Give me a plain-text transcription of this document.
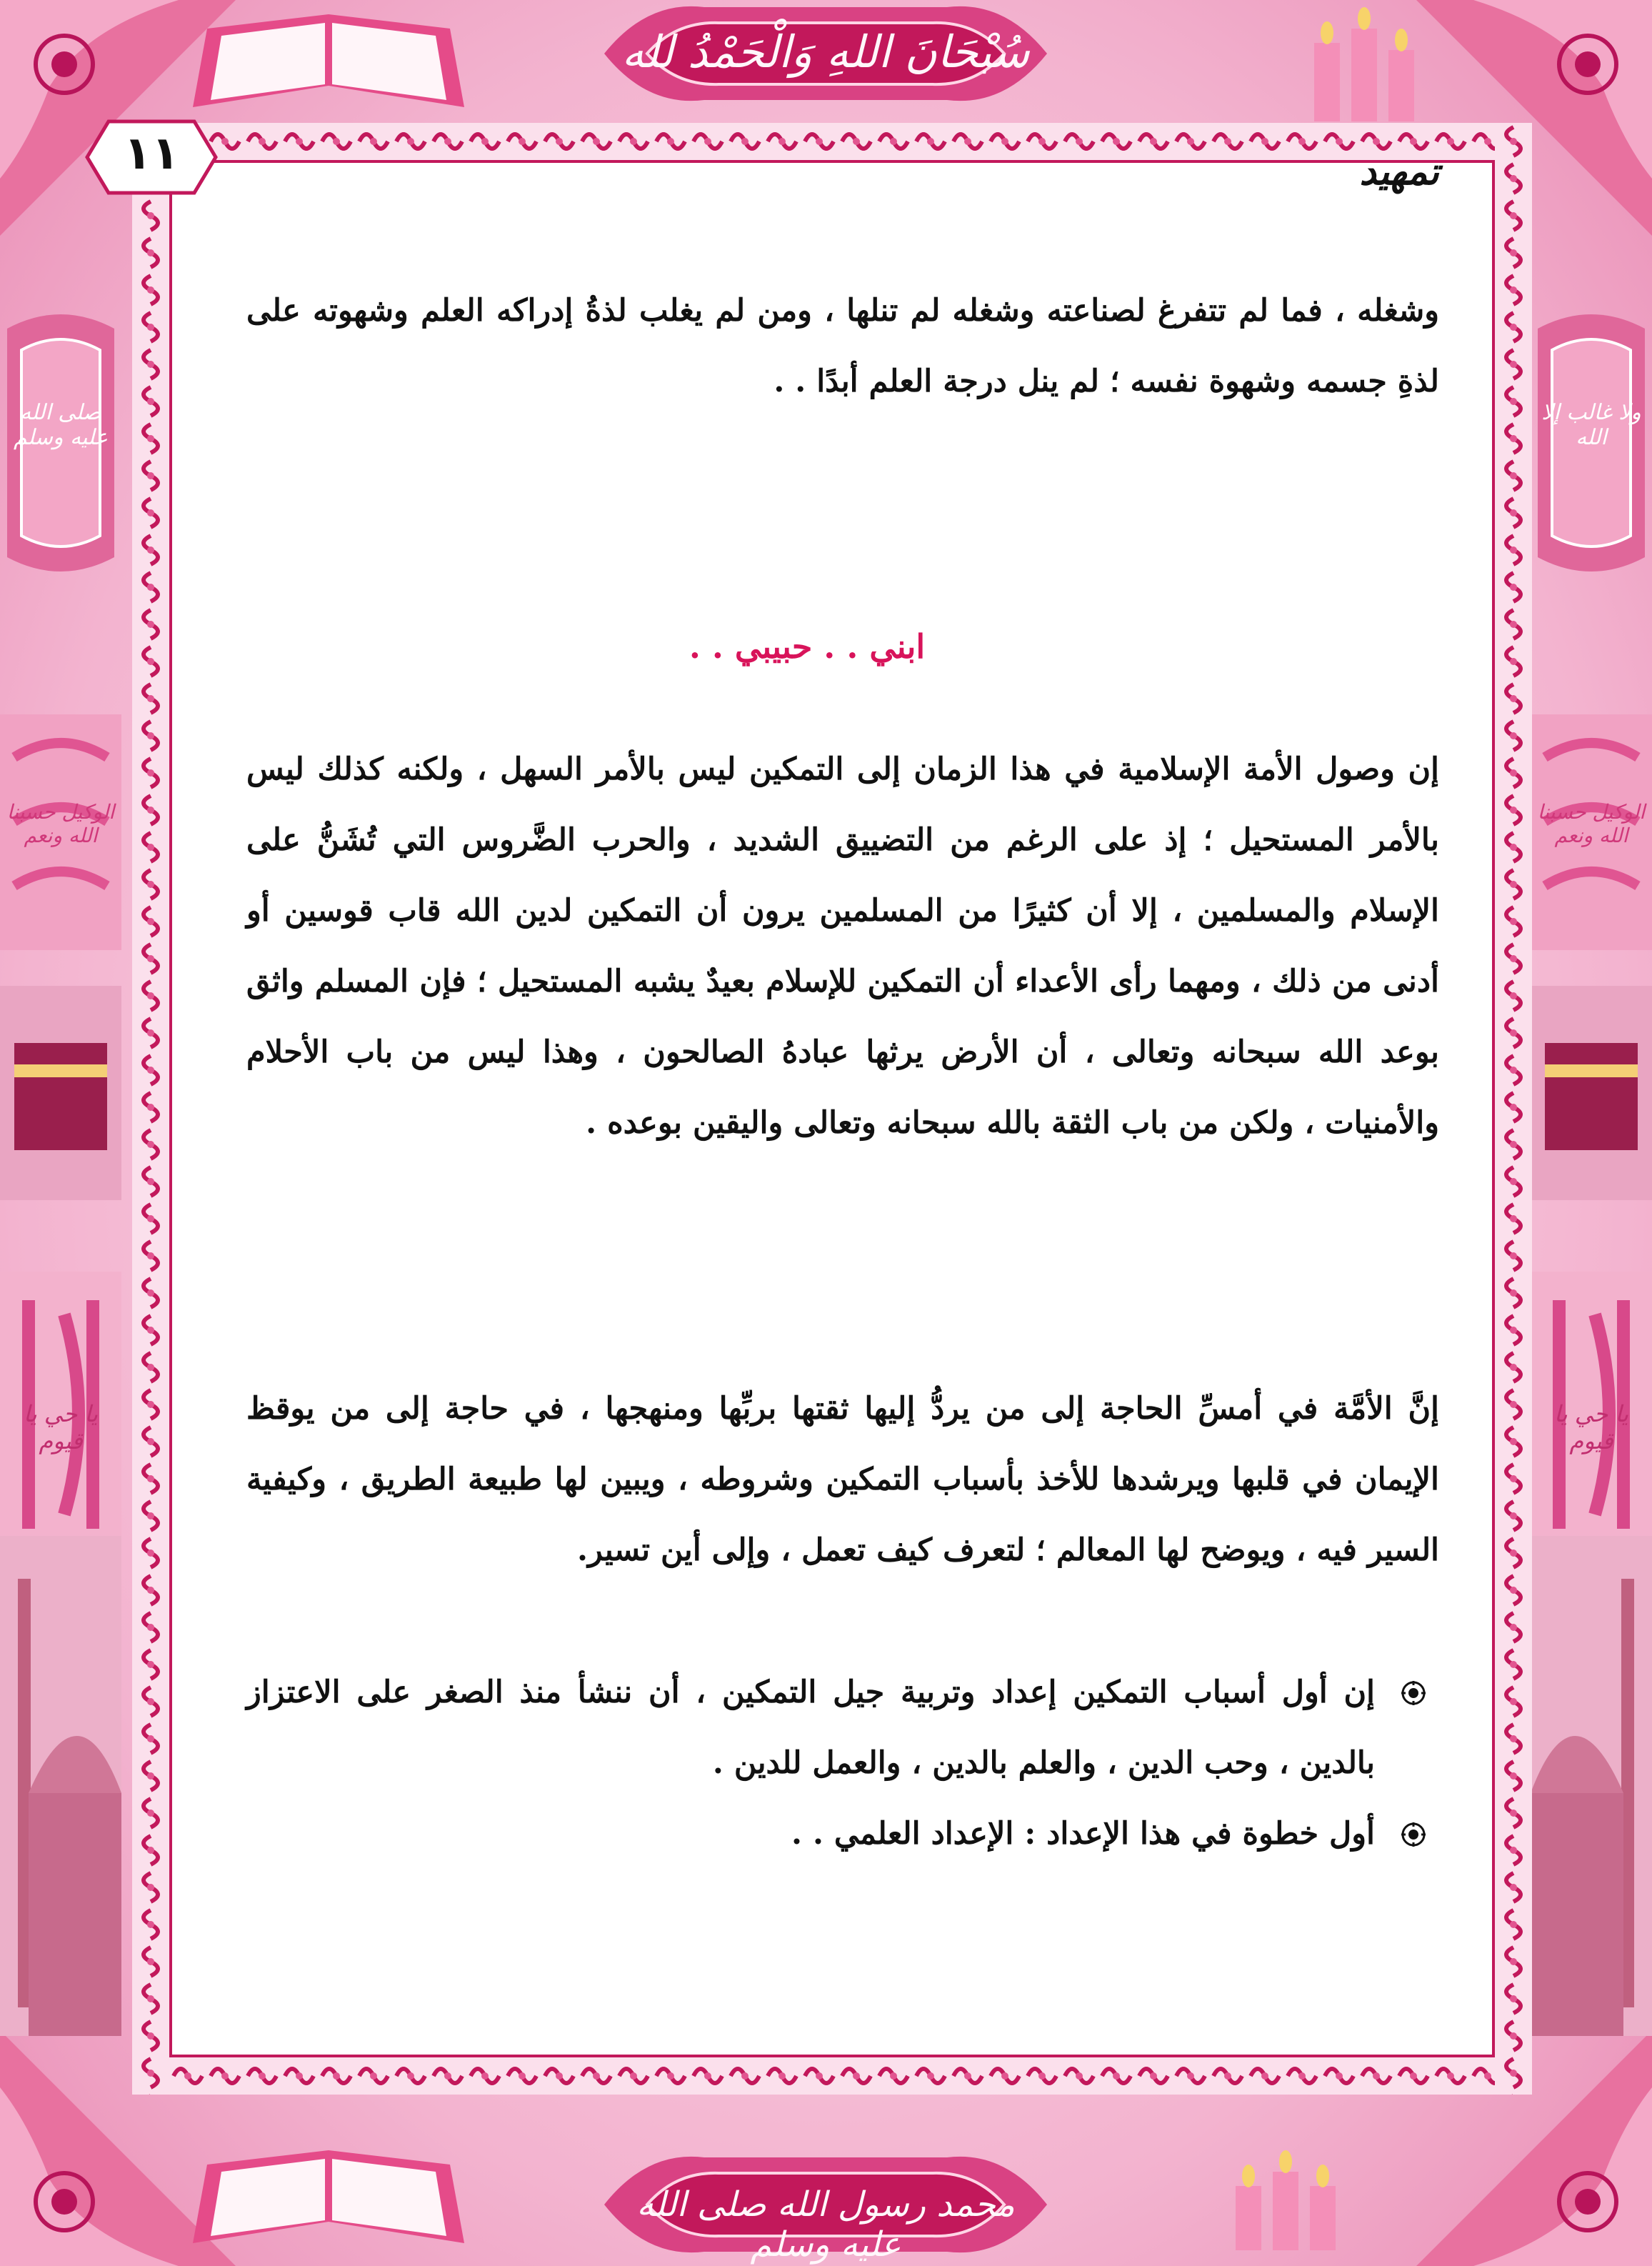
سُبْحَانَ اللهِ وَالْحَمْدُ لله
١١
محمد رسول الله صلى الله عليه وسلم
صلى الله عليه وسلم
ولا غالب إلا الله
الوكيل حسبنا الله ونعم
الوكيل حسبنا الله ونعم
يا حي يا قيوم
يا حي يا قيوم
تمهيد

وشغله ، فما لم تتفرغ لصناعته وشغله لم تنلها ، ومن لم يغلب لذةُ إدراكه العلم وشهوته على لذةِ جسمه وشهوة نفسه ؛ لم ينل درجة العلم أبدًا . .

ابني . . حبيبي . .

إن وصول الأمة الإسلامية في هذا الزمان إلى التمكين ليس بالأمر السهل ، ولكنه كذلك ليس بالأمر المستحيل ؛ إذ على الرغم من التضييق الشديد ، والحرب الضَّروس التي تُشَنُّ على الإسلام والمسلمين ، إلا أن كثيرًا من المسلمين يرون أن التمكين لدين الله قاب قوسين أو أدنى من ذلك ، ومهما رأى الأعداء أن التمكين للإسلام بعيدٌ يشبه المستحيل ؛ فإن المسلم واثق بوعد الله سبحانه وتعالى ، أن الأرض يرثها عبادهُ الصالحون ، وهذا ليس من باب الأحلام والأمنيات ، ولكن من باب الثقة بالله سبحانه وتعالى واليقين بوعده .

إنَّ الأمَّة في أمسِّ الحاجة إلى من يردُّ إليها ثقتها بربِّها ومنهجها ، في حاجة إلى من يوقظ الإيمان في قلبها ويرشدها للأخذ بأسباب التمكين وشروطه ، ويبين لها طبيعة الطريق ، وكيفية السير فيه ، ويوضح لها المعالم ؛ لتعرف كيف تعمل ، وإلى أين تسير.

إن أول أسباب التمكين إعداد وتربية جيل التمكين ، أن ننشأ منذ الصغر على الاعتزاز بالدين ، وحب الدين ، والعلم بالدين ، والعمل للدين .
أول خطوة في هذا الإعداد : الإعداد العلمي . .
